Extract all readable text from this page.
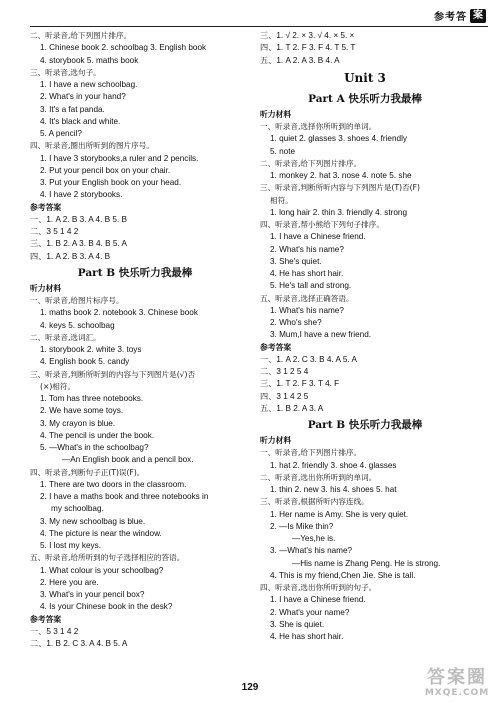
参考答 案
二、听录音,给下列图片排序。
1. Chinese book 2. schoolbag 3. English book
4. storybook 5. maths book
三、听录音,选句子。
1. I have a new schoolbag.
2. What's in your hand?
3. It's a fat panda.
4. It's black and white.
5. A pencil?
四、听录音,圈出所听到的图片序号。
1. I have 3 storybooks,a ruler and 2 pencils.
2. Put your pencil box on your chair.
3. Put your English book on your head.
4. I have 2 storybooks.
参考答案
一、1. A 2. B 3. A 4. B 5. B
二、3 5 1 4 2
三、1. B 2. A 3. B 4. B 5. A
四、1. A 2. B 3. A 4. B
Part B 快乐听力我最棒
听力材料
一、听录音,给图片标序号。
1. maths book 2. notebook 3. Chinese book
4. keys 5. schoolbag
二、听录音,选词汇。
1. storybook 2. white 3. toys
4. English book 5. candy
三、听录音,判断所听到的内容与下列图片是(√)否
(×)相符。
1. Tom has three notebooks.
2. We have some toys.
3. My crayon is blue.
4. The pencil is under the book.
5. —What's in the schoolbag?
—An English book and a pencil box.
四、听录音,判断句子正(T)误(F)。
1. There are two doors in the classroom.
2. I have a maths book and three notebooks in
my schoolbag.
3. My new schoolbag is blue.
4. The picture is near the window.
5. I lost my keys.
五、听录音,给所听到的句子选择相应的答语。
1. What colour is your schoolbag?
2. Here you are.
3. What's in your pencil box?
4. Is your Chinese book in the desk?
参考答案
一、5 3 1 4 2
二、1. B 2. C 3. A 4. B 5. A
三、1. √ 2. × 3. √ 4. × 5. ×
四、1. T 2. F 3. F 4. T 5. T
五、1. A 2. A 3. B 4. A
Unit 3
Part A 快乐听力我最棒
听力材料
一、听录音,选择你所听到的单词。
1. quiet 2. glasses 3. shoes 4. friendly
5. note
二、听录音,给下列图片排序。
1. monkey 2. hat 3. nose 4. note 5. she
三、听录音,判断所听内容与下列图片是(T)否(F)
相符。
1. long hair 2. thin 3. friendly 4. strong
四、听录音,帮小熊给下列句子排序。
1. I have a Chinese friend.
2. What's his name?
3. She's quiet.
4. He has short hair.
5. He's tall and strong.
五、听录音,选择正确答语。
1. What's his name?
2. Who's she?
3. Mum,I have a new friend.
参考答案
一、1. A 2. C 3. B 4. A 5. A
二、3 1 2 5 4
三、1. T 2. F 3. T 4. F
四、3 1 4 2 5
五、1. B 2. A 3. A
Part B 快乐听力我最棒
听力材料
一、听录音,给下列图片排序。
1. hat 2. friendly 3. shoe 4. glasses
二、听录音,选出你所听到的单词。
1. thin 2. new 3. his 4. shoes 5. hat
三、听录音,根据所听内容连线。
1. Her name is Amy. She is very quiet.
2. —Is Mike thin?
—Yes,he is.
3. —What's his name?
—His name is Zhang Peng. He is strong.
4. This is my friend,Chen Jie. She is tall.
四、听录音,选出你所听到的句子。
1. I have a Chinese friend.
2. What's your name?
3. She is quiet.
4. He has short hair.
129	答案圈
MXQE.COM
